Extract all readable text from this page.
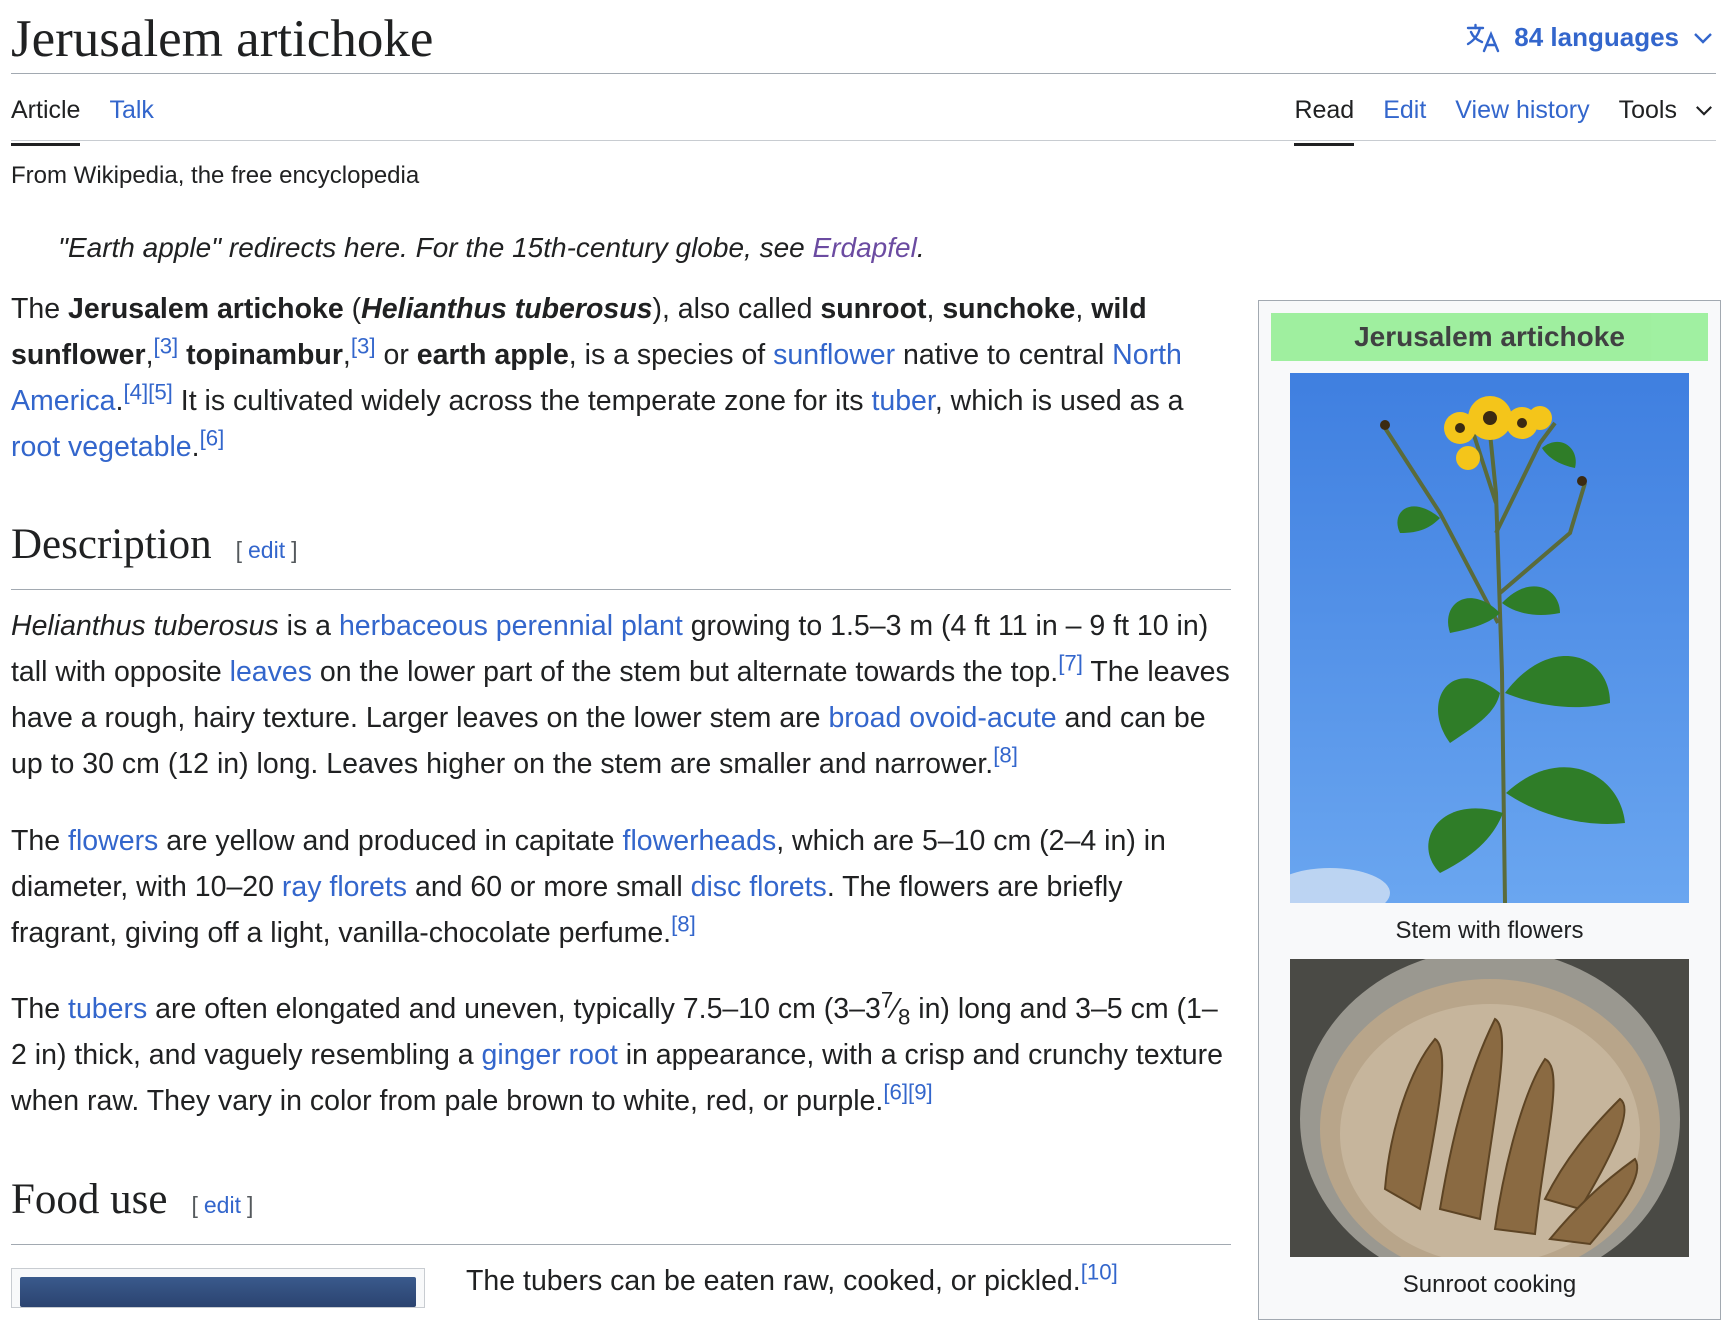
Jerusalem artichoke	84 languages
Article Talk	Read Edit View history Tools
From Wikipedia, the free encyclopedia
"Earth apple" redirects here. For the 15th-century globe, see Erdapfel.

The Jerusalem artichoke (Helianthus tuberosus), also called sunroot, sunchoke, wild sunflower,[3] topinambur,[3] or earth apple, is a species of sunflower native to central North America.[4][5] It is cultivated widely across the temperate zone for its tuber, which is used as a root vegetable.[6]

Description [ edit ]

Helianthus tuberosus is a herbaceous perennial plant growing to 1.5–3 m (4 ft 11 in – 9 ft 10 in) tall with opposite leaves on the lower part of the stem but alternate towards the top.[7] The leaves have a rough, hairy texture. Larger leaves on the lower stem are broad ovoid-acute and can be up to 30 cm (12 in) long. Leaves higher on the stem are smaller and narrower.[8]

The flowers are yellow and produced in capitate flowerheads, which are 5–10 cm (2–4 in) in diameter, with 10–20 ray florets and 60 or more small disc florets. The flowers are briefly fragrant, giving off a light, vanilla-chocolate perfume.[8]

The tubers are often elongated and uneven, typically 7.5–10 cm ($3-3^7⁄_8$ in) long and 3–5 cm (1–2 in) thick, and vaguely resembling a ginger root in appearance, with a crisp and crunchy texture when raw. They vary in color from pale brown to white, red, or purple.[6][9]

Food use [ edit ]
The tubers can be eaten raw, cooked, or pickled.[10]
Jerusalem artichoke
Stem with flowers
Sunroot cooking
